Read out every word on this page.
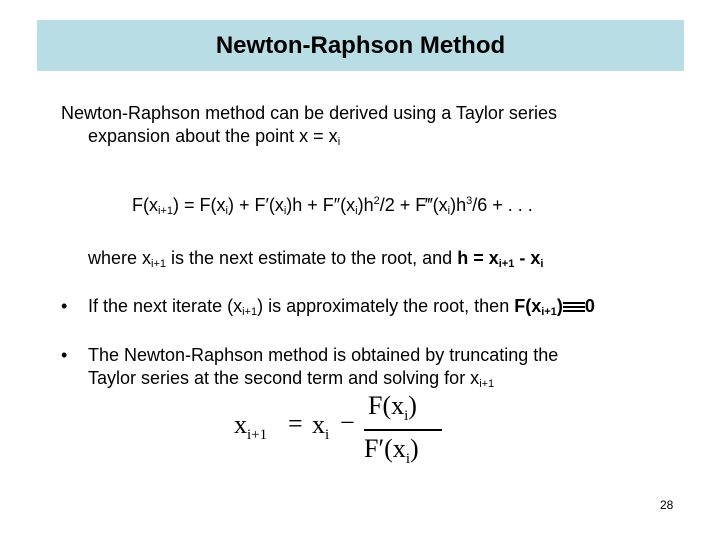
Newton-Raphson Method
Newton-Raphson method can be derived using a Taylor series
expansion about the point $x = x_i$
$F(x_{i+1}) = F(x_i) + F'(x_i)h + F''(x_i)h^2/2$ + $F‴(x_i)h^3/6$ + . . .
where $x_{i+1}$ is the next estimate to the root, and $h = x_{i+1} - x_i$
• If the next iterate $(x_{i+1})$ is approximately the root, then $F(x_{i+1})$ 0
• The Newton-Raphson method is obtained by truncating the
Taylor series at the second term and solving for $x_{i+1}$
$x_{i+1} = x_i$ −
$F(x_i)$
$F'(x_i)$
28
